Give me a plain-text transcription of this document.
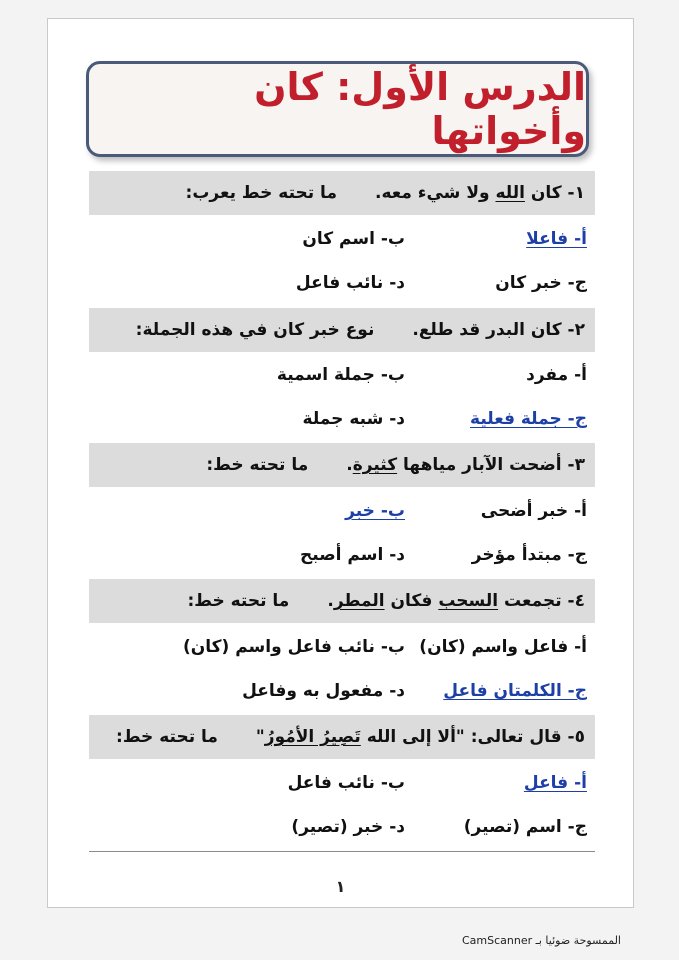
الدرس الأول: كان وأخواتها
١- كان الله ولا شيء معه.
ما تحته خط يعرب:
أ- فاعلا
ب- اسم كان
ج- خبر كان
د- نائب فاعل
٢- كان البدر قد طلع.
نوع خبر كان في هذه الجملة:
أ- مفرد
ب- جملة اسمية
ج- جملة فعلية
د- شبه جملة
٣- أضحت الآبار مياهها كثيرة.
ما تحته خط:
أ- خبر أضحى
ب- خبر
ج- مبتدأ مؤخر
د- اسم أصبح
٤- تجمعت السحب فكان المطر.
ما تحته خط:
أ- فاعل واسم (كان)
ب- نائب فاعل واسم (كان)
ج- الكلمتان فاعل
د- مفعول به وفاعل
٥- قال تعالى: "ألا إلى الله تَصِيرُ الأمُورُ"
ما تحته خط:
أ- فاعل
ب- نائب فاعل
ج- اسم (تصير)
د- خبر (تصير)
١
الممسوحة ضوئيا بـ CamScanner
